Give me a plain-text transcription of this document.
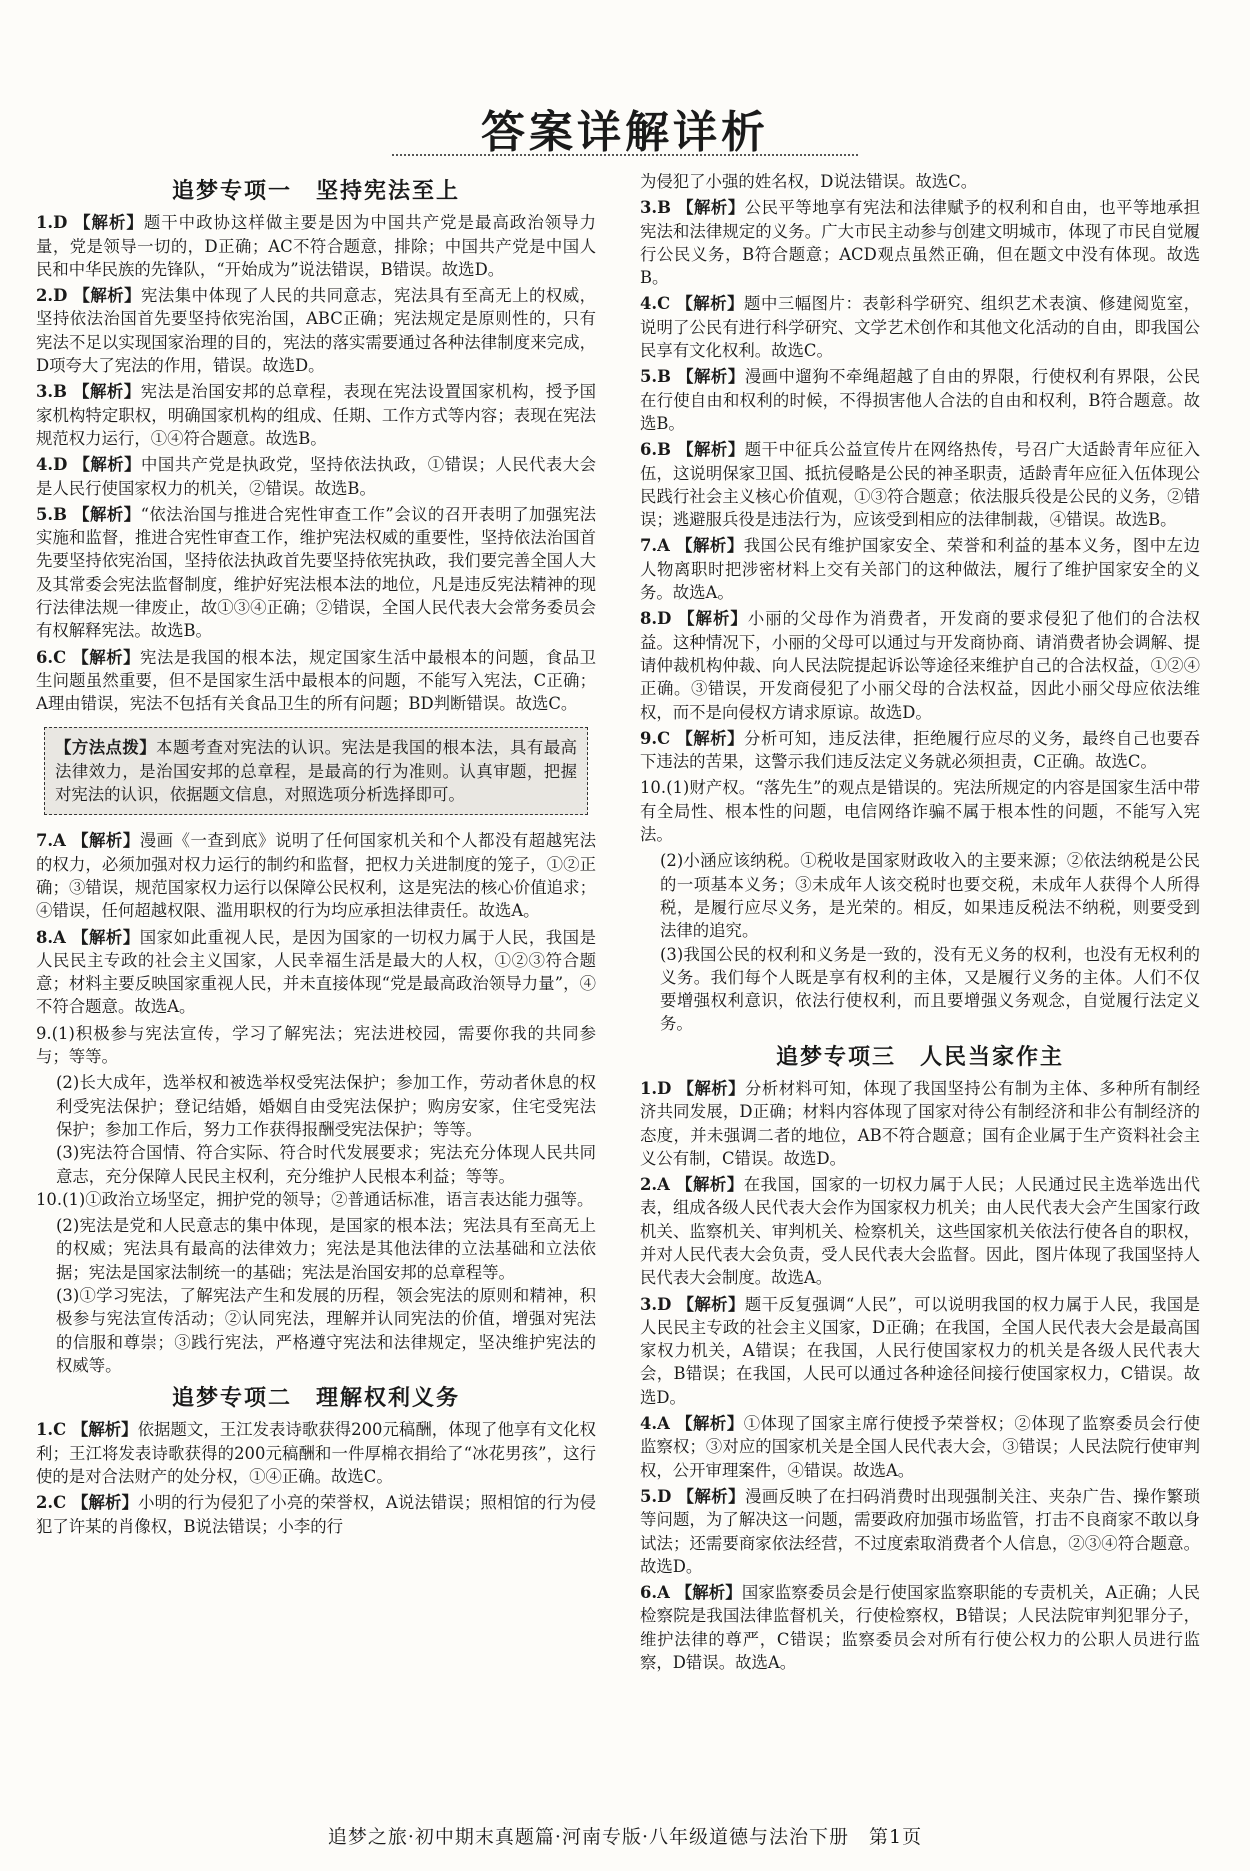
答案详解详析
追梦专项一　坚持宪法至上

1.D 【解析】题干中政协这样做主要是因为中国共产党是最高政治领导力量，党是领导一切的，D正确；AC不符合题意，排除；中国共产党是中国人民和中华民族的先锋队，“开始成为”说法错误，B错误。故选D。

2.D 【解析】宪法集中体现了人民的共同意志，宪法具有至高无上的权威，坚持依法治国首先要坚持依宪治国，ABC正确；宪法规定是原则性的，只有宪法不足以实现国家治理的目的，宪法的落实需要通过各种法律制度来完成，D项夸大了宪法的作用，错误。故选D。

3.B 【解析】宪法是治国安邦的总章程，表现在宪法设置国家机构，授予国家机构特定职权，明确国家机构的组成、任期、工作方式等内容；表现在宪法规范权力运行，①④符合题意。故选B。

4.D 【解析】中国共产党是执政党，坚持依法执政，①错误；人民代表大会是人民行使国家权力的机关，②错误。故选B。

5.B 【解析】“依法治国与推进合宪性审查工作”会议的召开表明了加强宪法实施和监督，推进合宪性审查工作，维护宪法权威的重要性，坚持依法治国首先要坚持依宪治国，坚持依法执政首先要坚持依宪执政，我们要完善全国人大及其常委会宪法监督制度，维护好宪法根本法的地位，凡是违反宪法精神的现行法律法规一律废止，故①③④正确；②错误，全国人民代表大会常务委员会有权解释宪法。故选B。

6.C 【解析】宪法是我国的根本法，规定国家生活中最根本的问题，食品卫生问题虽然重要，但不是国家生活中最根本的问题，不能写入宪法，C正确；A理由错误，宪法不包括有关食品卫生的所有问题；BD判断错误。故选C。

【方法点拨】本题考查对宪法的认识。宪法是我国的根本法，具有最高法律效力，是治国安邦的总章程，是最高的行为准则。认真审题，把握对宪法的认识，依据题文信息，对照选项分析选择即可。

7.A 【解析】漫画《一查到底》说明了任何国家机关和个人都没有超越宪法的权力，必须加强对权力运行的制约和监督，把权力关进制度的笼子，①②正确；③错误，规范国家权力运行以保障公民权利，这是宪法的核心价值追求；④错误，任何超越权限、滥用职权的行为均应承担法律责任。故选A。

8.A 【解析】国家如此重视人民，是因为国家的一切权力属于人民，我国是人民民主专政的社会主义国家，人民幸福生活是最大的人权，①②③符合题意；材料主要反映国家重视人民，并未直接体现“党是最高政治领导力量”，④不符合题意。故选A。

9.(1)积极参与宪法宣传，学习了解宪法；宪法进校园，需要你我的共同参与；等等。

(2)长大成年，选举权和被选举权受宪法保护；参加工作，劳动者休息的权利受宪法保护；登记结婚，婚姻自由受宪法保护；购房安家，住宅受宪法保护；参加工作后，努力工作获得报酬受宪法保护；等等。

(3)宪法符合国情、符合实际、符合时代发展要求；宪法充分体现人民共同意志，充分保障人民民主权利，充分维护人民根本利益；等等。

10.(1)①政治立场坚定，拥护党的领导；②普通话标准，语言表达能力强等。

(2)宪法是党和人民意志的集中体现，是国家的根本法；宪法具有至高无上的权威；宪法具有最高的法律效力；宪法是其他法律的立法基础和立法依据；宪法是国家法制统一的基础；宪法是治国安邦的总章程等。

(3)①学习宪法，了解宪法产生和发展的历程，领会宪法的原则和精神，积极参与宪法宣传活动；②认同宪法，理解并认同宪法的价值，增强对宪法的信服和尊崇；③践行宪法，严格遵守宪法和法律规定，坚决维护宪法的权威等。

追梦专项二　理解权利义务

1.C 【解析】依据题文，王江发表诗歌获得200元稿酬，体现了他享有文化权利；王江将发表诗歌获得的200元稿酬和一件厚棉衣捐给了“冰花男孩”，这行使的是对合法财产的处分权，①④正确。故选C。

2.C 【解析】小明的行为侵犯了小亮的荣誉权，A说法错误；照相馆的行为侵犯了许某的肖像权，B说法错误；小李的行

为侵犯了小强的姓名权，D说法错误。故选C。

3.B 【解析】公民平等地享有宪法和法律赋予的权利和自由，也平等地承担宪法和法律规定的义务。广大市民主动参与创建文明城市，体现了市民自觉履行公民义务，B符合题意；ACD观点虽然正确，但在题文中没有体现。故选B。

4.C 【解析】题中三幅图片：表彰科学研究、组织艺术表演、修建阅览室，说明了公民有进行科学研究、文学艺术创作和其他文化活动的自由，即我国公民享有文化权利。故选C。

5.B 【解析】漫画中遛狗不牵绳超越了自由的界限，行使权利有界限，公民在行使自由和权利的时候，不得损害他人合法的自由和权利，B符合题意。故选B。

6.B 【解析】题干中征兵公益宣传片在网络热传，号召广大适龄青年应征入伍，这说明保家卫国、抵抗侵略是公民的神圣职责，适龄青年应征入伍体现公民践行社会主义核心价值观，①③符合题意；依法服兵役是公民的义务，②错误；逃避服兵役是违法行为，应该受到相应的法律制裁，④错误。故选B。

7.A 【解析】我国公民有维护国家安全、荣誉和利益的基本义务，图中左边人物离职时把涉密材料上交有关部门的这种做法，履行了维护国家安全的义务。故选A。

8.D 【解析】小丽的父母作为消费者，开发商的要求侵犯了他们的合法权益。这种情况下，小丽的父母可以通过与开发商协商、请消费者协会调解、提请仲裁机构仲裁、向人民法院提起诉讼等途径来维护自己的合法权益，①②④正确。③错误，开发商侵犯了小丽父母的合法权益，因此小丽父母应依法维权，而不是向侵权方请求原谅。故选D。

9.C 【解析】分析可知，违反法律，拒绝履行应尽的义务，最终自己也要吞下违法的苦果，这警示我们违反法定义务就必须担责，C正确。故选C。

10.(1)财产权。“落先生”的观点是错误的。宪法所规定的内容是国家生活中带有全局性、根本性的问题，电信网络诈骗不属于根本性的问题，不能写入宪法。

(2)小涵应该纳税。①税收是国家财政收入的主要来源；②依法纳税是公民的一项基本义务；③未成年人该交税时也要交税，未成年人获得个人所得税，是履行应尽义务，是光荣的。相反，如果违反税法不纳税，则要受到法律的追究。

(3)我国公民的权利和义务是一致的，没有无义务的权利，也没有无权利的义务。我们每个人既是享有权利的主体，又是履行义务的主体。人们不仅要增强权利意识，依法行使权利，而且要增强义务观念，自觉履行法定义务。

追梦专项三　人民当家作主

1.D 【解析】分析材料可知，体现了我国坚持公有制为主体、多种所有制经济共同发展，D正确；材料内容体现了国家对待公有制经济和非公有制经济的态度，并未强调二者的地位，AB不符合题意；国有企业属于生产资料社会主义公有制，C错误。故选D。

2.A 【解析】在我国，国家的一切权力属于人民；人民通过民主选举选出代表，组成各级人民代表大会作为国家权力机关；由人民代表大会产生国家行政机关、监察机关、审判机关、检察机关，这些国家机关依法行使各自的职权，并对人民代表大会负责，受人民代表大会监督。因此，图片体现了我国坚持人民代表大会制度。故选A。

3.D 【解析】题干反复强调“人民”，可以说明我国的权力属于人民，我国是人民民主专政的社会主义国家，D正确；在我国，全国人民代表大会是最高国家权力机关，A错误；在我国，人民行使国家权力的机关是各级人民代表大会，B错误；在我国，人民可以通过各种途径间接行使国家权力，C错误。故选D。

4.A 【解析】①体现了国家主席行使授予荣誉权；②体现了监察委员会行使监察权；③对应的国家机关是全国人民代表大会，③错误；人民法院行使审判权，公开审理案件，④错误。故选A。

5.D 【解析】漫画反映了在扫码消费时出现强制关注、夹杂广告、操作繁琐等问题，为了解决这一问题，需要政府加强市场监管，打击不良商家不敢以身试法；还需要商家依法经营，不过度索取消费者个人信息，②③④符合题意。故选D。

6.A 【解析】国家监察委员会是行使国家监察职能的专责机关，A正确；人民检察院是我国法律监督机关，行使检察权，B错误；人民法院审判犯罪分子，维护法律的尊严，C错误；监察委员会对所有行使公权力的公职人员进行监察，D错误。故选A。

追梦之旅·初中期末真题篇·河南专版·八年级道德与法治下册　第1页
